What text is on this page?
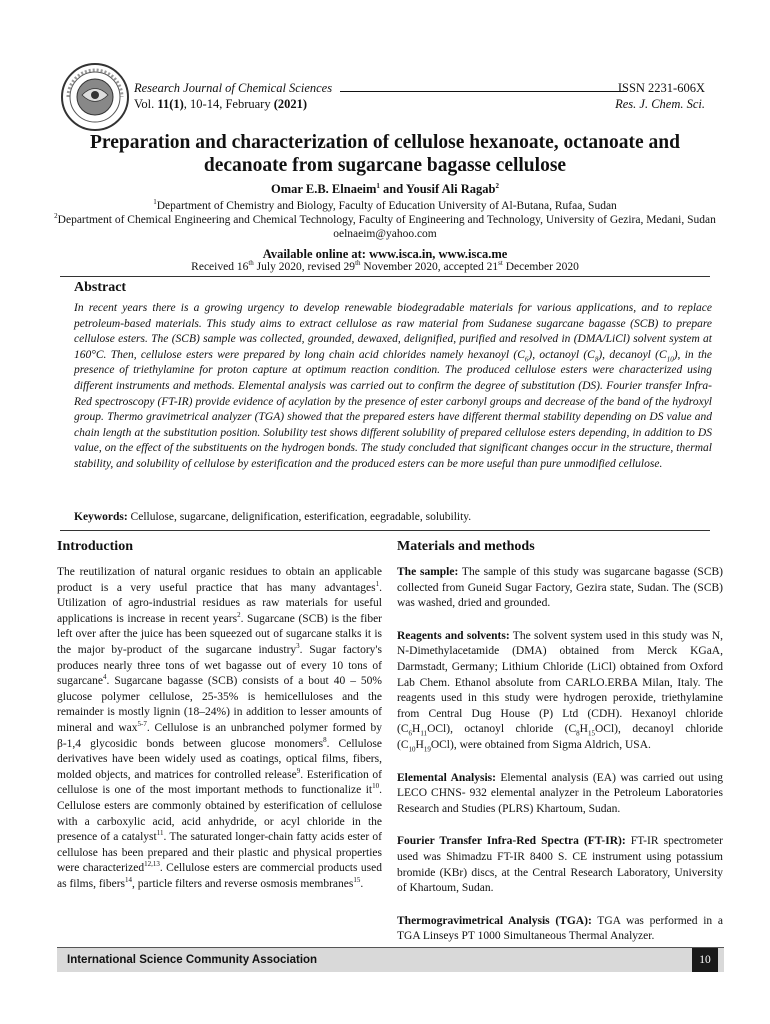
Research Journal of Chemical Sciences
Vol. 11(1), 10-14, February (2021)
ISSN 2231-606X
Res. J. Chem. Sci.
Preparation and characterization of cellulose hexanoate, octanoate and
decanoate from sugarcane bagasse cellulose
Omar E.B. Elnaeim$^1$ and Yousif Ali Ragab$^2$
$^1$Department of Chemistry and Biology, Faculty of Education University of Al-Butana, Rufaa, Sudan
$^2$Department of Chemical Engineering and Chemical Technology, Faculty of Engineering and Technology, University of Gezira, Medani, Sudan
oelnaeim@yahoo.com
Available online at: www.isca.in, www.isca.me
Received 16th July 2020, revised 29th November 2020, accepted 21st December 2020
Abstract
In recent years there is a growing urgency to develop renewable biodegradable materials for various applications, and to replace petroleum-based materials. This study aims to extract cellulose as raw material from Sudanese sugarcane bagasse (SCB) to prepare cellulose esters. The (SCB) sample was collected, grounded, dewaxed, delignified, purified and resolved in (DMA/LiCl) solvent system at 160°C. Then, cellulose esters were prepared by long chain acid chlorides namely hexanoyl $(C_6)$, octanoyl $(C_8)$, decanoyl $(C_{10})$, in the presence of triethylamine for proton capture at optimum reaction condition. The produced cellulose esters were characterized using different instruments and methods. Elemental analysis was carried out to confirm the degree of substitution (DS). Fourier transfer Infra-Red spectroscopy (FT-IR) provide evidence of acylation by the presence of ester carbonyl groups and decrease of the band of the hydroxyl group. Thermo gravimetrical analyzer (TGA) showed that the prepared esters have different thermal stability depending on DS value and chain length at the substitution position. Solubility test shows different solubility of prepared cellulose esters depending, in addition to DS value, on the effect of the substituents on the hydrogen bonds. The study concluded that significant changes occur in the structure, thermal stability, and solubility of cellulose by esterification and the produced esters can be more useful than pure unmodified cellulose.
Keywords: Cellulose, sugarcane, delignification, esterification, eegradable, solubility.
Introduction

The reutilization of natural organic residues to obtain an applicable product is a very useful practice that has many advantages$^1$. Utilization of agro-industrial residues as raw materials for useful applications is increase in recent years$^2$. Sugarcane (SCB) is the fiber left over after the juice has been squeezed out of sugarcane stalks it is the major by-product of the sugarcane industry$^3$. Sugar factory's produces nearly three tons of wet bagasse out of every 10 tons of sugarcane$^4$. Sugarcane bagasse (SCB) consists of a bout 40 – 50% glucose polymer cellulose, 25-35% is hemicelluloses and the remainder is mostly lignin (18–24%) in addition to lesser amounts of mineral and wax$^{5-7}$. Cellulose is an unbranched polymer formed by β-1,4 glycosidic bonds between glucose monomers$^8$. Cellulose derivatives have been widely used as coatings, optical films, fibers, molded objects, and matrices for controlled release$^9$. Esterification of cellulose is one of the most important methods to functionalize $it^{10}$. Cellulose esters are commonly obtained by esterification of cellulose with a carboxylic acid, acid anhydride, or acyl chloride in the presence of a catalyst$^{11}$. The saturated longer-chain fatty acids ester of cellulose has been prepared and their plastic and physical properties were characterized$^{12,13}$. Cellulose esters are commercial products used as films, fibers$^{14}$, particle filters and reverse osmosis membranes$^{15}$.

Materials and methods

The sample: The sample of this study was sugarcane bagasse (SCB) collected from Guneid Sugar Factory, Gezira state, Sudan. The (SCB) was washed, dried and grounded.

Reagents and solvents: The solvent system used in this study was N, N-Dimethylacetamide (DMA) obtained from Merck KGaA, Darmstadt, Germany; Lithium Chloride (LiCl) obtained from Oxford Lab Chem. Ethanol absolute from CARLO.ERBA Milan, Italy. The reagents used in this study were hydrogen peroxide, triethylamine from Central Dug House (P) Ltd (CDH). Hexanoyl chloride $(C_6H_{11}OCl)$, octanoyl chloride $(C_8H_{15}OCl)$, decanoyl chloride $(C_{10}H_{19}OCl)$, were obtained from Sigma Aldrich, USA.

Elemental Analysis: Elemental analysis (EA) was carried out using LECO CHNS- 932 elemental analyzer in the Petroleum Laboratories Research and Studies (PLRS) Khartoum, Sudan.

Fourier Transfer Infra-Red Spectra (FT-IR): FT-IR spectrometer used was Shimadzu FT-IR 8400 S. CE instrument using potassium bromide (KBr) discs, at the Central Research Laboratory, University of Khartoum, Sudan.

Thermogravimetrical Analysis (TGA): TGA was performed in a TGA Linseys PT 1000 Simultaneous Thermal Analyzer.

International Science Community Association	10
